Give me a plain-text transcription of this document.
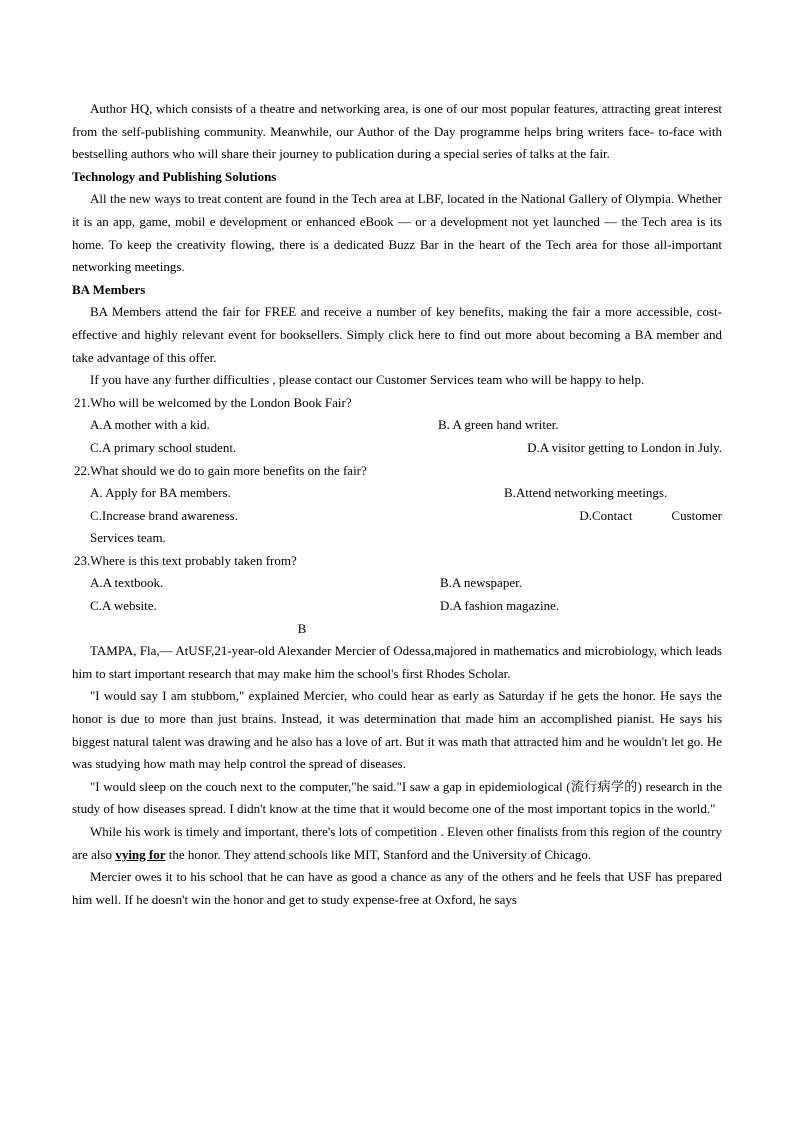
Author HQ, which consists of a theatre and networking area, is one of our most popular features, attracting great interest from the self-publishing community. Meanwhile, our Author of the Day programme helps bring writers face- to-face with bestselling authors who will share their journey to publication during a special series of talks at the fair.

Technology and Publishing Solutions

All the new ways to treat content are found in the Tech area at LBF, located in the National Gallery of Olympia. Whether it is an app, game, mobil e development or enhanced eBook — or a development not yet launched — the Tech area is its home. To keep the creativity flowing, there is a dedicated Buzz Bar in the heart of the Tech area for those all-important networking meetings.

BA Members

BA Members attend the fair for FREE and receive a number of key benefits, making the fair a more accessible, cost-effective and highly relevant event for booksellers. Simply click here to find out more about becoming a BA member and take advantage of this offer.

If you have any further difficulties , please contact our Customer Services team who will be happy to help.

21.Who will be welcomed by the London Book Fair?
A.A mother with a kid.	B. A green hand writer.
C.A primary school student.	D.A visitor getting to London in July.
22.What should we do to gain more benefits on the fair?
A. Apply for BA members.	B.Attend networking meetings.
C.Increase brand awareness.	D.Contact            Customer
Services team.
23.Where is this text probably taken from?
A.A textbook.	B.A newspaper.
C.A website.	D.A fashion magazine.
B

TAMPA, Fla,— AtUSF,21-year-old Alexander Mercier of Odessa,majored in mathematics and microbiology, which leads him to start important research that may make him the school's first Rhodes Scholar.

"I would say I am stubbom," explained Mercier, who could hear as early as Saturday if he gets the honor. He says the honor is due to more than just brains. Instead, it was determination that made him an accomplished pianist. He says his biggest natural talent was drawing and he also has a love of art. But it was math that attracted him and he wouldn't let go. He was studying how math may help control the spread of diseases.

"I would sleep on the couch next to the computer,"he said."I saw a gap in epidemiological (流行病学的) research in the study of how diseases spread. I didn't know at the time that it would become one of the most important topics in the world."

While his work is timely and important, there's lots of competition . Eleven other finalists from this region of the country are also vying for the honor. They attend schools like MIT, Stanford and the University of Chicago.

Mercier owes it to his school that he can have as good a chance as any of the others and he feels that USF has prepared him well. If he doesn't win the honor and get to study expense-free at Oxford, he says
